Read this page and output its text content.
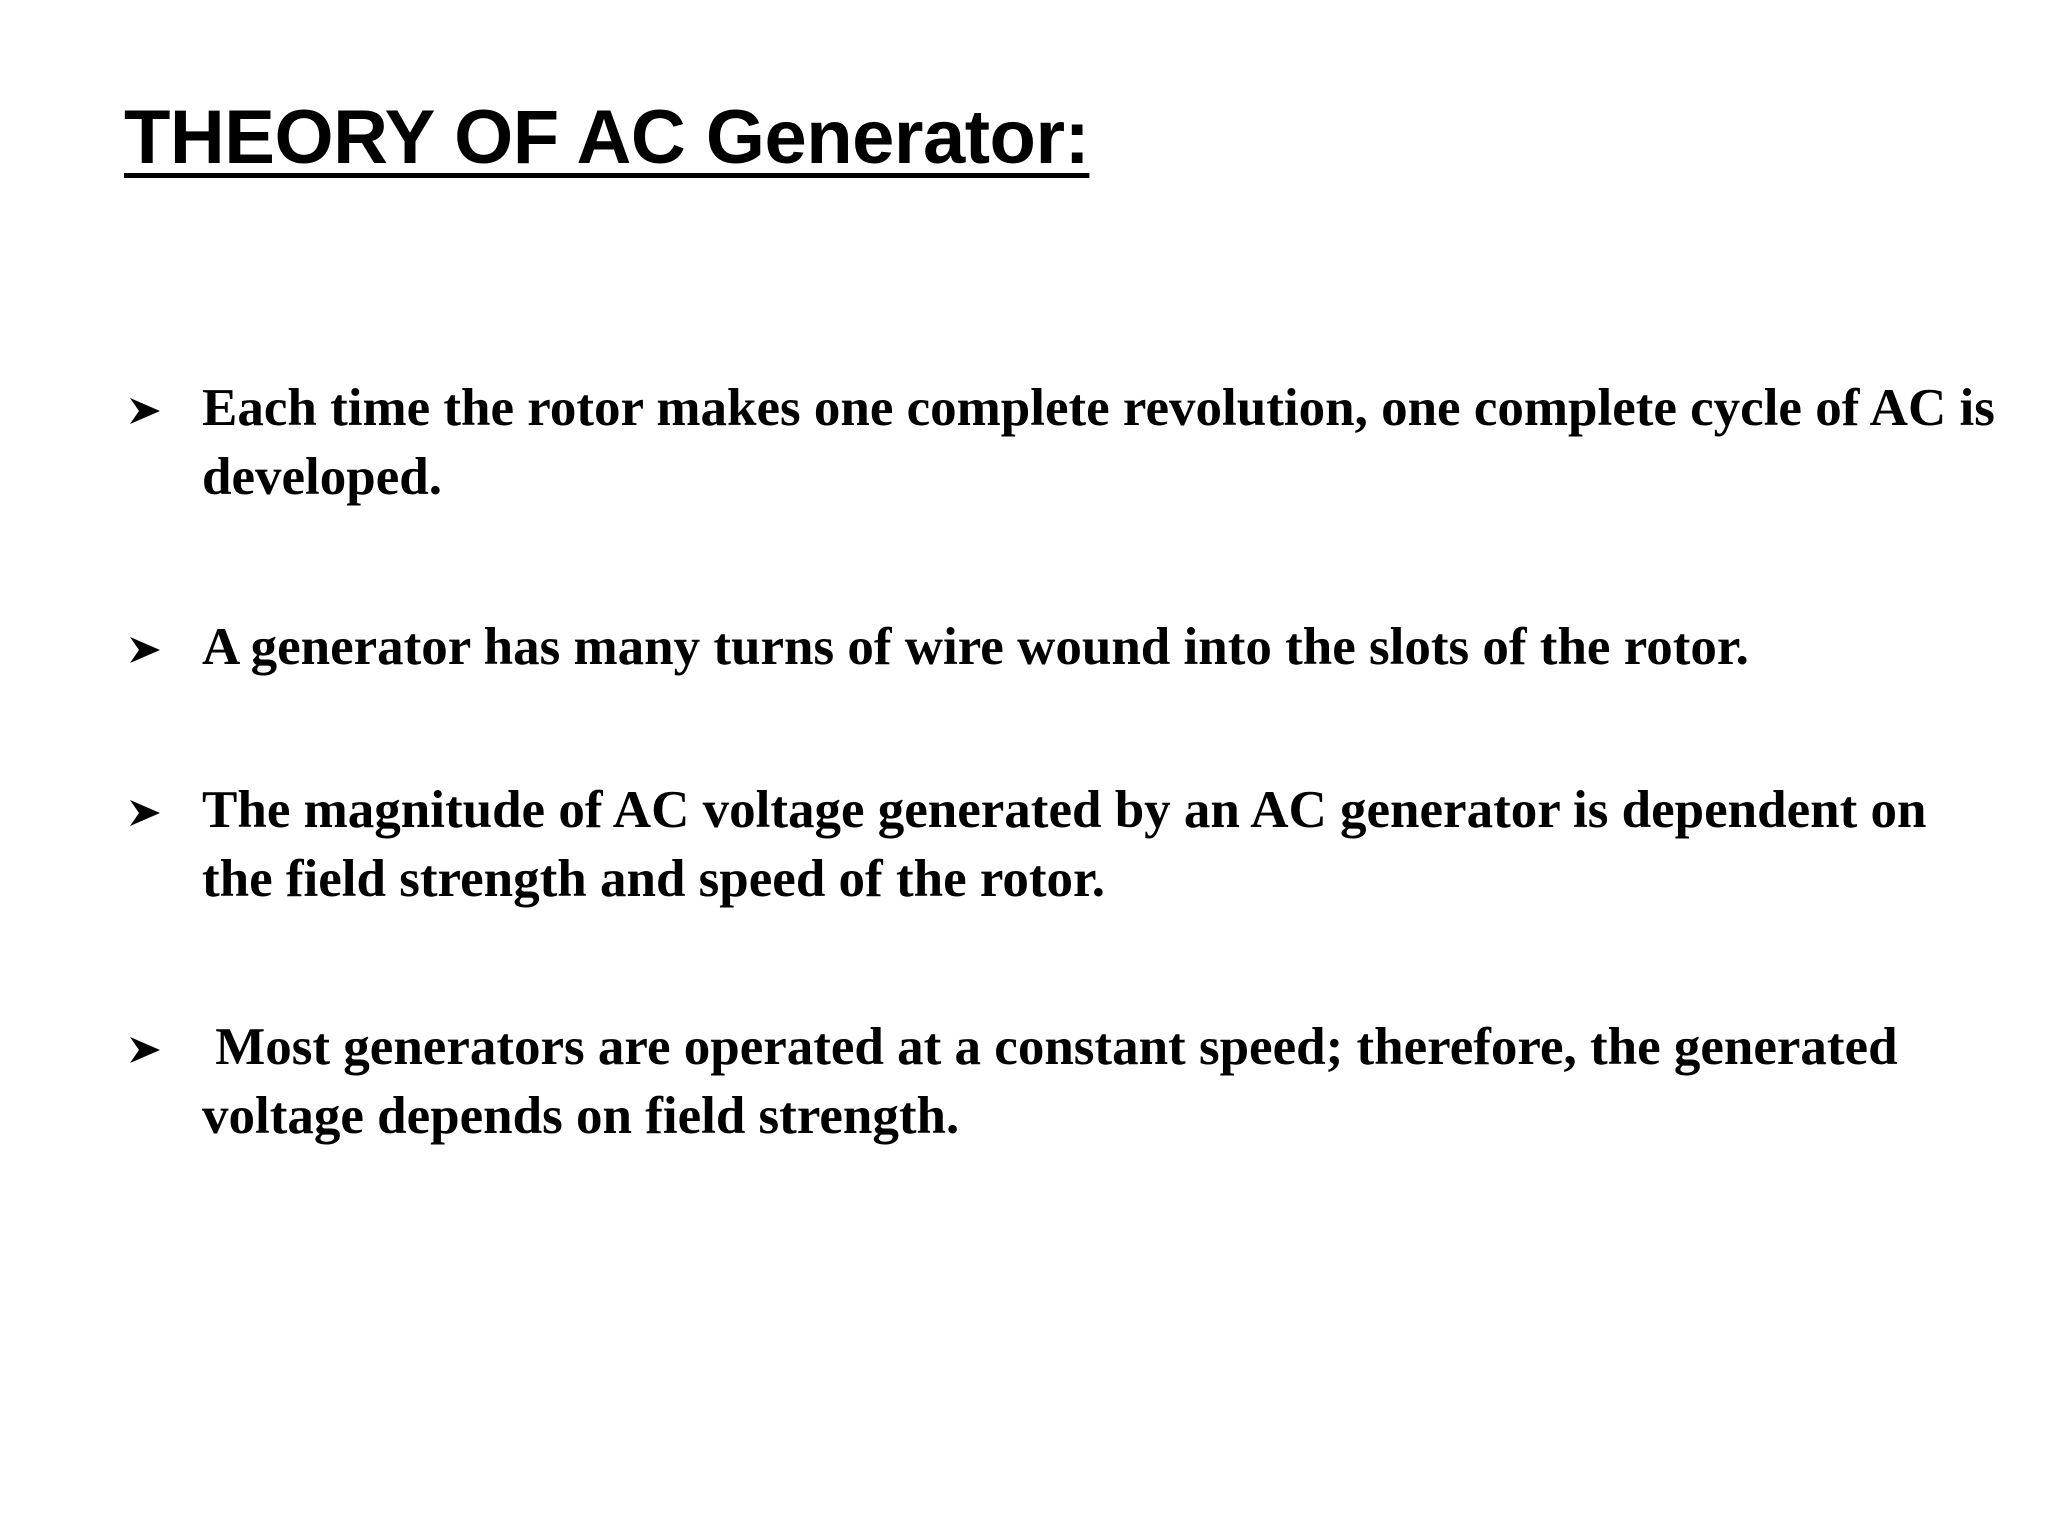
THEORY OF AC Generator:
Each time the rotor makes one complete revolution, one complete cycle of AC is developed.
A generator has many turns of wire wound into the slots of the rotor.
The magnitude of AC voltage generated by an AC generator is dependent on the field strength and speed of the rotor.
Most generators are operated at a constant speed; therefore, the generated voltage depends on field strength.
